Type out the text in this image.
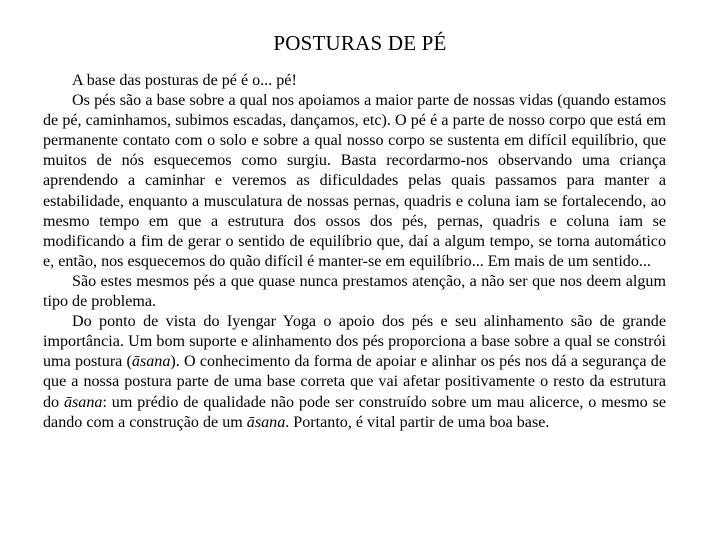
POSTURAS DE PÉ

A base das posturas de pé é o... pé!

Os pés são a base sobre a qual nos apoiamos a maior parte de nossas vidas (quando estamos de pé, caminhamos, subimos escadas, dançamos, etc). O pé é a parte de nosso corpo que está em permanente contato com o solo e sobre a qual nosso corpo se sustenta em difícil equilíbrio, que muitos de nós esquecemos como surgiu. Basta recordarmo-nos observando uma criança aprendendo a caminhar e veremos as dificuldades pelas quais passamos para manter a estabilidade, enquanto a musculatura de nossas pernas, quadris e coluna iam se fortalecendo, ao mesmo tempo em que a estrutura dos ossos dos pés, pernas, quadris e coluna iam se modificando a fim de gerar o sentido de equilíbrio que, daí a algum tempo, se torna automático e, então, nos esquecemos do quão difícil é manter-se em equilíbrio... Em mais de um sentido...

São estes mesmos pés a que quase nunca prestamos atenção, a não ser que nos deem algum tipo de problema.

Do ponto de vista do Iyengar Yoga o apoio dos pés e seu alinhamento são de grande importância. Um bom suporte e alinhamento dos pés proporciona a base sobre a qual se constrói uma postura (āsana). O conhecimento da forma de apoiar e alinhar os pés nos dá a segurança de que a nossa postura parte de uma base correta que vai afetar positivamente o resto da estrutura do āsana: um prédio de qualidade não pode ser construído sobre um mau alicerce, o mesmo se dando com a construção de um āsana. Portanto, é vital partir de uma boa base.
